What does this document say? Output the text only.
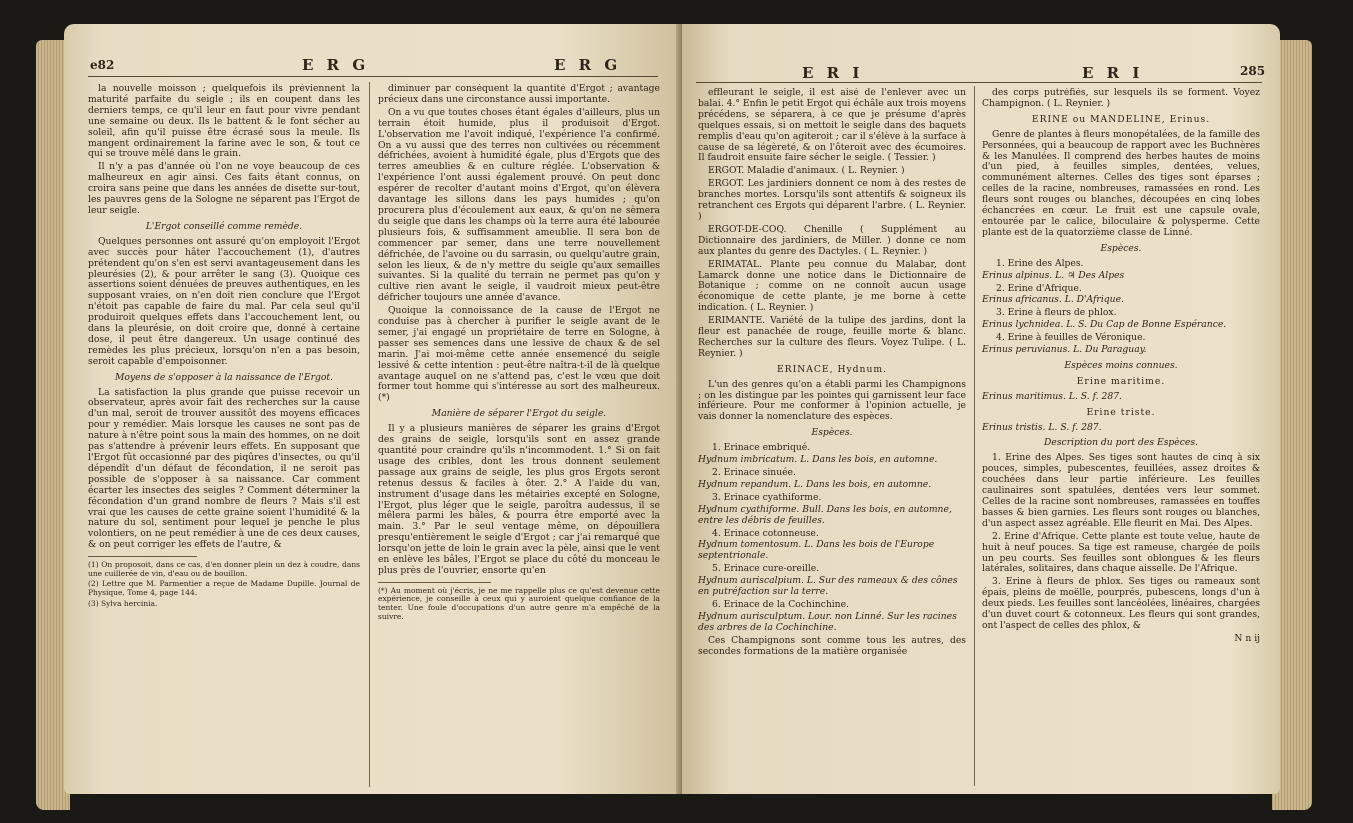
e82	E R G	E R G

la nouvelle moisson ; quelquefois ils préviennent la maturité parfaite du seigle ; ils en coupent dans les derniers temps, ce qu'il leur en faut pour vivre pendant une semaine ou deux. Ils le battent & le font sécher au soleil, afin qu'il puisse être écrasé sous la meule. Ils mangent ordinairement la farine avec le son, & tout ce qui se trouve mêlé dans le grain.

Il n'y a pas d'année où l'on ne voye beaucoup de ces malheureux en agir ainsi. Ces faits étant connus, on croira sans peine que dans les années de disette sur-tout, les pauvres gens de la Sologne ne séparent pas l'Ergot de leur seigle.

L'Ergot conseillé comme remède.

Quelques personnes ont assuré qu'on employoit l'Ergot avec succès pour hâter l'accouchement (1), d'autres prétendent qu'on s'en est servi avantageusement dans les pleurésies (2), & pour arrêter le sang (3). Quoique ces assertions soient dénuées de preuves authentiques, en les supposant vraies, on n'en doit rien conclure que l'Ergot n'étoit pas capable de faire du mal. Par cela seul qu'il produiroit quelques effets dans l'accouchement lent, ou dans la pleurésie, on doit croire que, donné à certaine dose, il peut être dangereux. Un usage continué des remèdes les plus précieux, lorsqu'on n'en a pas besoin, seroit capable d'empoisonner.

Moyens de s'opposer à la naissance de l'Ergot.

La satisfaction la plus grande que puisse recevoir un observateur, après avoir fait des recherches sur la cause d'un mal, seroit de trouver aussitôt des moyens efficaces pour y remédier. Mais lorsque les causes ne sont pas de nature à n'être point sous la main des hommes, on ne doit pas s'attendre à prévenir leurs effets. En supposant que l'Ergot fût occasionné par des piqûres d'insectes, ou qu'il dépendît d'un défaut de fécondation, il ne seroit pas possible de s'opposer à sa naissance. Car comment écarter les insectes des seigles ? Comment déterminer la fécondation d'un grand nombre de fleurs ? Mais s'il est vrai que les causes de cette graine soient l'humidité & la nature du sol, sentiment pour lequel je penche le plus volontiers, on ne peut remédier à une de ces deux causes, & on peut corriger les effets de l'autre, &

(1) On proposoit, dans ce cas, d'en donner plein un dez à coudre, dans une cuillerée de vin, d'eau ou de bouillon.

(2) Lettre que M. Parmentier a reçue de Madame Dupille. Journal de Physique, Tome 4, page 144.

(3) Sylva hercinia.

diminuer par conséquent la quantité d'Ergot ; avantage précieux dans une circonstance aussi importante.

On a vu que toutes choses étant égales d'ailleurs, plus un terrain étoit humide, plus il produisoit d'Ergot. L'observation me l'avoit indiqué, l'expérience l'a confirmé. On a vu aussi que des terres non cultivées ou récemment défrichées, avoient à humidité égale, plus d'Ergots que des terres ameublies & en culture réglée. L'observation & l'expérience l'ont aussi également prouvé. On peut donc espérer de recolter d'autant moins d'Ergot, qu'on élèvera davantage les sillons dans les pays humides ; qu'on procurera plus d'écoulement aux eaux, & qu'on ne sèmera du seigle que dans les champs où la terre aura été labourée plusieurs fois, & suffisamment ameublie. Il sera bon de commencer par semer, dans une terre nouvellement défrichée, de l'avoine ou du sarrasin, ou quelqu'autre grain, selon les lieux, & de n'y mettre du seigle qu'aux semailles suivantes. Si la qualité du terrain ne permet pas qu'on y cultive rien avant le seigle, il vaudroit mieux peut-être défricher toujours une année d'avance.

Quoique la connoissance de la cause de l'Ergot ne conduise pas à chercher à purifier le seigle avant de le semer, j'ai engagé un propriétaire de terre en Sologne, à passer ses semences dans une lessive de chaux & de sel marin. J'ai moi-même cette année ensemencé du seigle lessivé & cette intention : peut-être naîtra-t-il de là quelque avantage auquel on ne s'attend pas, c'est le vœu que doit former tout homme qui s'intéresse au sort des malheureux. (*)

Manière de séparer l'Ergot du seigle.

Il y a plusieurs manières de séparer les grains d'Ergot des grains de seigle, lorsqu'ils sont en assez grande quantité pour craindre qu'ils n'incommodent. 1.° Si on fait usage des cribles, dont les trous donnent seulement passage aux grains de seigle, les plus gros Ergots seront retenus dessus & faciles à ôter. 2.° A l'aide du van, instrument d'usage dans les métairies excepté en Sologne, l'Ergot, plus léger que le seigle, paroîtra audessus, il se mêlera parmi les bâles, & pourra être emporté avec la main. 3.° Par le seul ventage même, on dépouillera presqu'entièrement le seigle d'Ergot ; car j'ai remarqué que lorsqu'on jette de loin le grain avec la pèle, ainsi que le vent en enlève les bâles, l'Ergot se place du côté du monceau le plus près de l'ouvrier, ensorte qu'en

(*) Au moment où j'écris, je ne me rappelle plus ce qu'est devenue cette expérience, je conseille à ceux qui y auroient quelque confiance de la tenter. Une foule d'occupations d'un autre genre m'a empêché de la suivre.

E R I	E R I	285

effleurant le seigle, il est aisé de l'enlever avec un balai. 4.° Enfin le petit Ergot qui échâle aux trois moyens précédens, se séparera, à ce que je présume d'après quelques essais, si on mettoit le seigle dans des baquets remplis d'eau qu'on agiteroit ; car il s'élève à la surface à cause de sa légèreté, & on l'ôteroit avec des écumoires. Il faudroit ensuite faire sécher le seigle. ( Tessier. )

ERGOT. Maladie d'animaux. ( L. Reynier. )

ERGOT. Les jardiniers donnent ce nom à des restes de branches mortes. Lorsqu'ils sont attentifs & soigneux ils retranchent ces Ergots qui déparent l'arbre. ( L. Reynier. )

ERGOT-DE-COQ. Chenille ( Supplément au Dictionnaire des jardiniers, de Miller. ) donne ce nom aux plantes du genre des Dactyles. ( L. Reynier. )

ERIMATAL. Plante peu connue du Malabar, dont Lamarck donne une notice dans le Dictionnaire de Botanique ; comme on ne connoît aucun usage économique de cette plante, je me borne à cette indication. ( L. Reynier. )

ERIMANTE. Variété de la tulipe des jardins, dont la fleur est panachée de rouge, feuille morte & blanc. Recherches sur la culture des fleurs. Voyez Tulipe. ( L. Reynier. )

ERINACE, Hydnum.

L'un des genres qu'on a établi parmi les Champignons ; on les distingue par les pointes qui garnissent leur face inférieure. Pour me conformer à l'opinion actuelle, je vais donner la nomenclature des espèces.

Espèces.

1. Erinace embriqué.

Hydnum imbricatum. L. Dans les bois, en automne.

2. Erinace sinuée.

Hydnum repandum. L. Dans les bois, en automne.

3. Erinace cyathiforme.

Hydnum cyathiforme. Bull. Dans les bois, en automne, entre les débris de feuilles.

4. Erinace cotonneuse.

Hydnum tomentosum. L. Dans les bois de l'Europe septentrionale.

5. Erinace cure-oreille.

Hydnum auriscalpium. L. Sur des rameaux & des cônes en putréfaction sur la terre.

6. Erinace de la Cochinchine.

Hydnum aurisculptum. Lour. non Linné. Sur les racines des arbres de la Cochinchine.

Ces Champignons sont comme tous les autres, des secondes formations de la matière organisée

des corps putréfiés, sur lesquels ils se forment. Voyez Champignon. ( L. Reynier. )

ERINE ou MANDELINE, Erinus.

Genre de plantes à fleurs monopétalées, de la famille des Personnées, qui a beaucoup de rapport avec les Buchnères & les Manulées. Il comprend des herbes hautes de moins d'un pied, à feuilles simples, dentées, velues, communément alternes. Celles des tiges sont éparses ; celles de la racine, nombreuses, ramassées en rond. Les fleurs sont rouges ou blanches, découpées en cinq lobes échancrées en cœur. Le fruit est une capsule ovale, entourée par le calice, biloculaire & polysperme. Cette plante est de la quatorzième classe de Linné.

Espèces.

1. Erine des Alpes.

Erinus alpinus. L. ♃ Des Alpes

2. Erine d'Afrique.

Erinus africanus. L. D'Afrique.

3. Erine à fleurs de phlox.

Erinus lychnidea. L. S. Du Cap de Bonne Espérance.

4. Erine à feuilles de Véronique.

Erinus peruvianus. L. Du Paraguay.

Espèces moins connues.

Erine maritime.

Erinus maritimus. L. S. f. 287.

Erine triste.

Erinus tristis. L. S. f. 287.

Description du port des Espèces.

1. Erine des Alpes. Ses tiges sont hautes de cinq à six pouces, simples, pubescentes, feuillées, assez droites & couchées dans leur partie inférieure. Les feuilles caulinaires sont spatulées, dentées vers leur sommet. Celles de la racine sont nombreuses, ramassées en touffes basses & bien garnies. Les fleurs sont rouges ou blanches, d'un aspect assez agréable. Elle fleurit en Mai. Des Alpes.

2. Erine d'Afrique. Cette plante est toute velue, haute de huit à neuf pouces. Sa tige est rameuse, chargée de poils un peu courts. Ses feuilles sont oblongues & les fleurs latérales, solitaires, dans chaque aisselle. De l'Afrique.

3. Erine à fleurs de phlox. Ses tiges ou rameaux sont épais, pleins de moëlle, pourprés, pubescens, longs d'un à deux pieds. Les feuilles sont lancéolées, linéaires, chargées d'un duvet court & cotonneux. Les fleurs qui sont grandes, ont l'aspect de celles des phlox, &

N n ij
